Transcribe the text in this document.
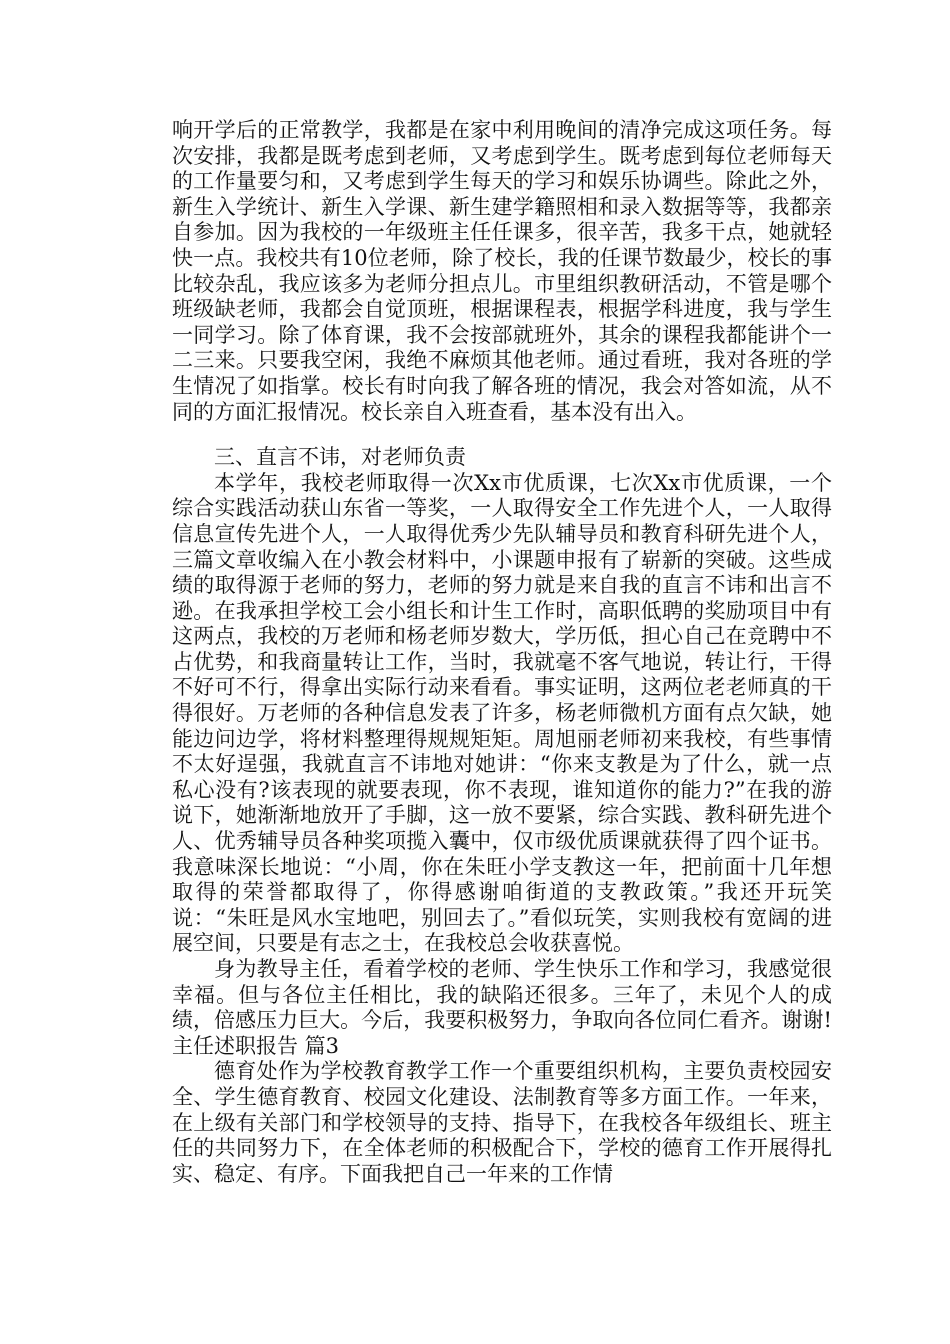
响开学后的正常教学，我都是在家中利用晚间的清净完成这项任务。每次安排，我都是既考虑到老师，又考虑到学生。既考虑到每位老师每天的工作量要匀和，又考虑到学生每天的学习和娱乐协调些。除此之外，新生入学统计、新生入学课、新生建学籍照相和录入数据等等，我都亲自参加。因为我校的一年级班主任任课多，很辛苦，我多干点，她就轻快一点。我校共有10位老师，除了校长，我的任课节数最少，校长的事比较杂乱，我应该多为老师分担点儿。市里组织教研活动，不管是哪个班级缺老师，我都会自觉顶班，根据课程表，根据学科进度，我与学生一同学习。除了体育课，我不会按部就班外，其余的课程我都能讲个一二三来。只要我空闲，我绝不麻烦其他老师。通过看班，我对各班的学生情况了如指掌。校长有时向我了解各班的情况，我会对答如流，从不同的方面汇报情况。校长亲自入班查看，基本没有出入。

三、直言不讳，对老师负责

本学年，我校老师取得一次Xx市优质课，七次Xx市优质课，一个综合实践活动获山东省一等奖，一人取得安全工作先进个人，一人取得信息宣传先进个人，一人取得优秀少先队辅导员和教育科研先进个人，三篇文章收编入在小教会材料中，小课题申报有了崭新的突破。这些成绩的取得源于老师的努力，老师的努力就是来自我的直言不讳和出言不逊。在我承担学校工会小组长和计生工作时，高职低聘的奖励项目中有这两点，我校的万老师和杨老师岁数大，学历低，担心自己在竞聘中不占优势，和我商量转让工作，当时，我就毫不客气地说，转让行，干得不好可不行，得拿出实际行动来看看。事实证明，这两位老老师真的干得很好。万老师的各种信息发表了许多，杨老师微机方面有点欠缺，她能边问边学，将材料整理得规规矩矩。周旭丽老师初来我校，有些事情不太好逞强，我就直言不讳地对她讲：“你来支教是为了什么，就一点私心没有?该表现的就要表现，你不表现，谁知道你的能力?”在我的游说下，她渐渐地放开了手脚，这一放不要紧，综合实践、教科研先进个人、优秀辅导员各种奖项揽入囊中，仅市级优质课就获得了四个证书。我意味深长地说：“小周，你在朱旺小学支教这一年，把前面十几年想取得的荣誉都取得了，你得感谢咱街道的支教政策。”我还开玩笑说：“朱旺是风水宝地吧，别回去了。”看似玩笑，实则我校有宽阔的进展空间，只要是有志之士，在我校总会收获喜悦。

身为教导主任，看着学校的老师、学生快乐工作和学习，我感觉很幸福。但与各位主任相比，我的缺陷还很多。三年了，未见个人的成绩，倍感压力巨大。今后，我要积极努力，争取向各位同仁看齐。谢谢!主任述职报告 篇3

德育处作为学校教育教学工作一个重要组织机构，主要负责校园安全、学生德育教育、校园文化建设、法制教育等多方面工作。一年来，在上级有关部门和学校领导的支持、指导下，在我校各年级组长、班主任的共同努力下，在全体老师的积极配合下，学校的德育工作开展得扎实、稳定、有序。下面我把自己一年来的工作情
